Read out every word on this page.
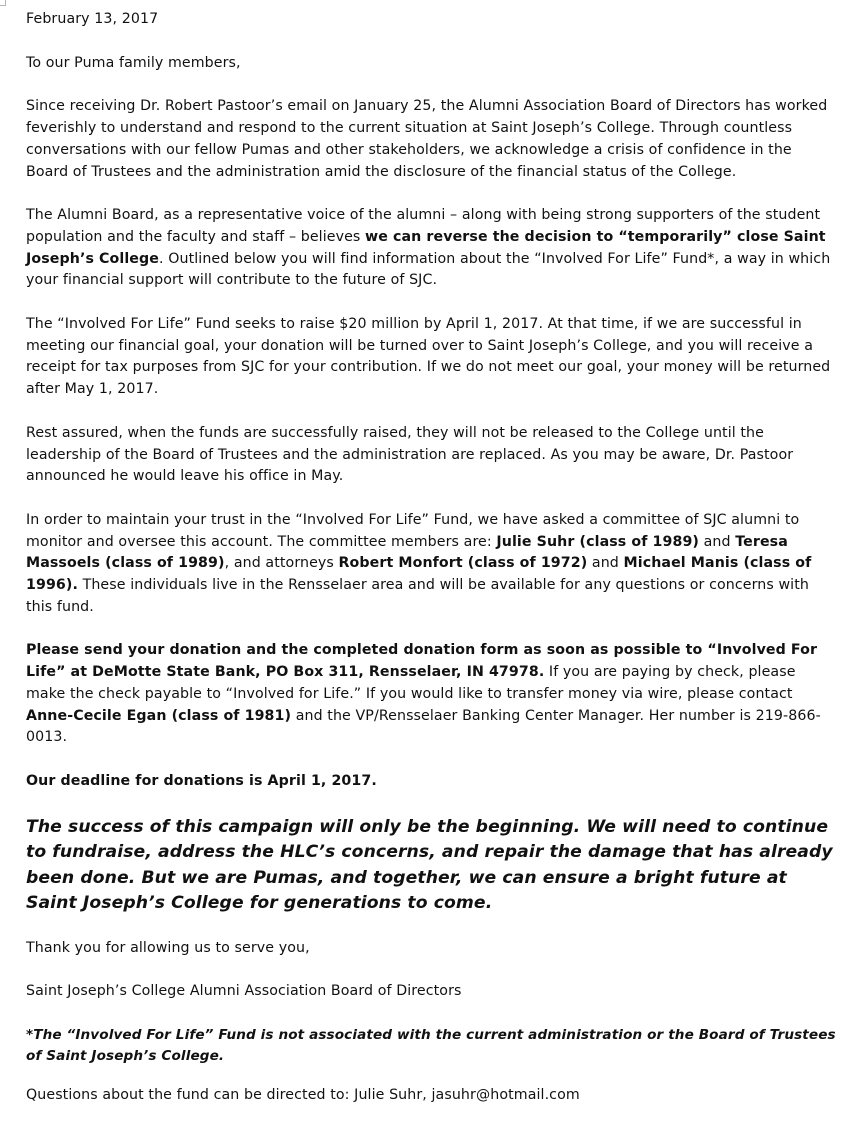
February 13, 2017
To our Puma family members,
Since receiving Dr. Robert Pastoor’s email on January 25, the Alumni Association Board of Directors has worked feverishly to understand and respond to the current situation at Saint Joseph’s College. Through countless conversations with our fellow Pumas and other stakeholders, we acknowledge a crisis of confidence in the Board of Trustees and the administration amid the disclosure of the financial status of the College.
The Alumni Board, as a representative voice of the alumni – along with being strong supporters of the student population and the faculty and staff – believes we can reverse the decision to “temporarily” close Saint Joseph’s College. Outlined below you will find information about the “Involved For Life” Fund*, a way in which your financial support will contribute to the future of SJC.
The “Involved For Life” Fund seeks to raise $20 million by April 1, 2017. At that time, if we are successful in meeting our financial goal, your donation will be turned over to Saint Joseph’s College, and you will receive a receipt for tax purposes from SJC for your contribution. If we do not meet our goal, your money will be returned after May 1, 2017.
Rest assured, when the funds are successfully raised, they will not be released to the College until the leadership of the Board of Trustees and the administration are replaced. As you may be aware, Dr. Pastoor announced he would leave his office in May.
In order to maintain your trust in the “Involved For Life” Fund, we have asked a committee of SJC alumni to monitor and oversee this account. The committee members are: Julie Suhr (class of 1989) and Teresa Massoels (class of 1989), and attorneys Robert Monfort (class of 1972) and Michael Manis (class of 1996). These individuals live in the Rensselaer area and will be available for any questions or concerns with this fund.
Please send your donation and the completed donation form as soon as possible to “Involved For Life” at DeMotte State Bank, PO Box 311, Rensselaer, IN 47978. If you are paying by check, please make the check payable to “Involved for Life.” If you would like to transfer money via wire, please contact Anne-Cecile Egan (class of 1981) and the VP/Rensselaer Banking Center Manager. Her number is 219-866-0013.
Our deadline for donations is April 1, 2017.
The success of this campaign will only be the beginning. We will need to continue to fundraise, address the HLC’s concerns, and repair the damage that has already been done. But we are Pumas, and together, we can ensure a bright future at Saint Joseph’s College for generations to come.
Thank you for allowing us to serve you,
Saint Joseph’s College Alumni Association Board of Directors
*The “Involved For Life” Fund is not associated with the current administration or the Board of Trustees of Saint Joseph’s College.
Questions about the fund can be directed to: Julie Suhr, jasuhr@hotmail.com
